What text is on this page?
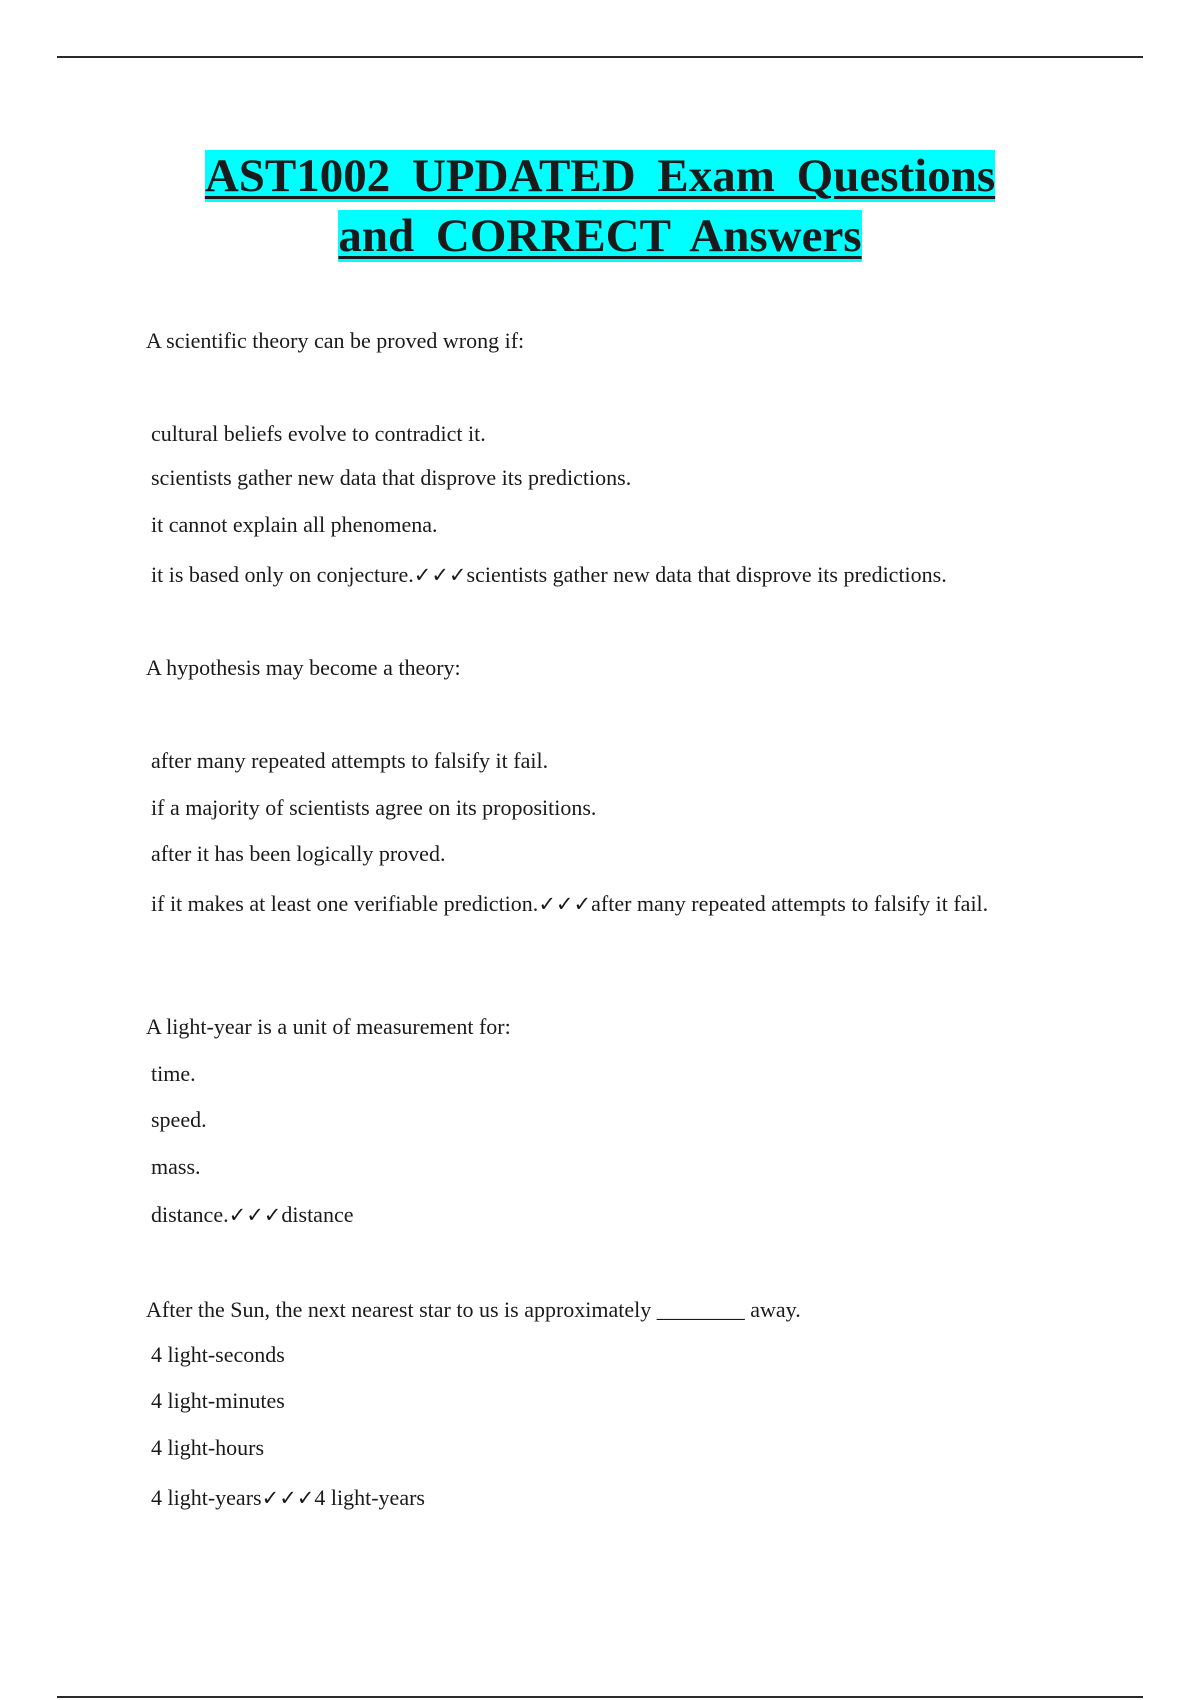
AST1002 UPDATED Exam Questions
and CORRECT Answers

A scientific theory can be proved wrong if:

cultural beliefs evolve to contradict it.

scientists gather new data that disprove its predictions.

it cannot explain all phenomena.

it is based only on conjecture.✓✓✓scientists gather new data that disprove its predictions.

A hypothesis may become a theory:

after many repeated attempts to falsify it fail.

if a majority of scientists agree on its propositions.

after it has been logically proved.

if it makes at least one verifiable prediction.✓✓✓after many repeated attempts to falsify it fail.

A light-year is a unit of measurement for:

time.

speed.

mass.

distance.✓✓✓distance

After the Sun, the next nearest star to us is approximately ________ away.

4 light-seconds

4 light-minutes

4 light-hours

4 light-years✓✓✓4 light-years
